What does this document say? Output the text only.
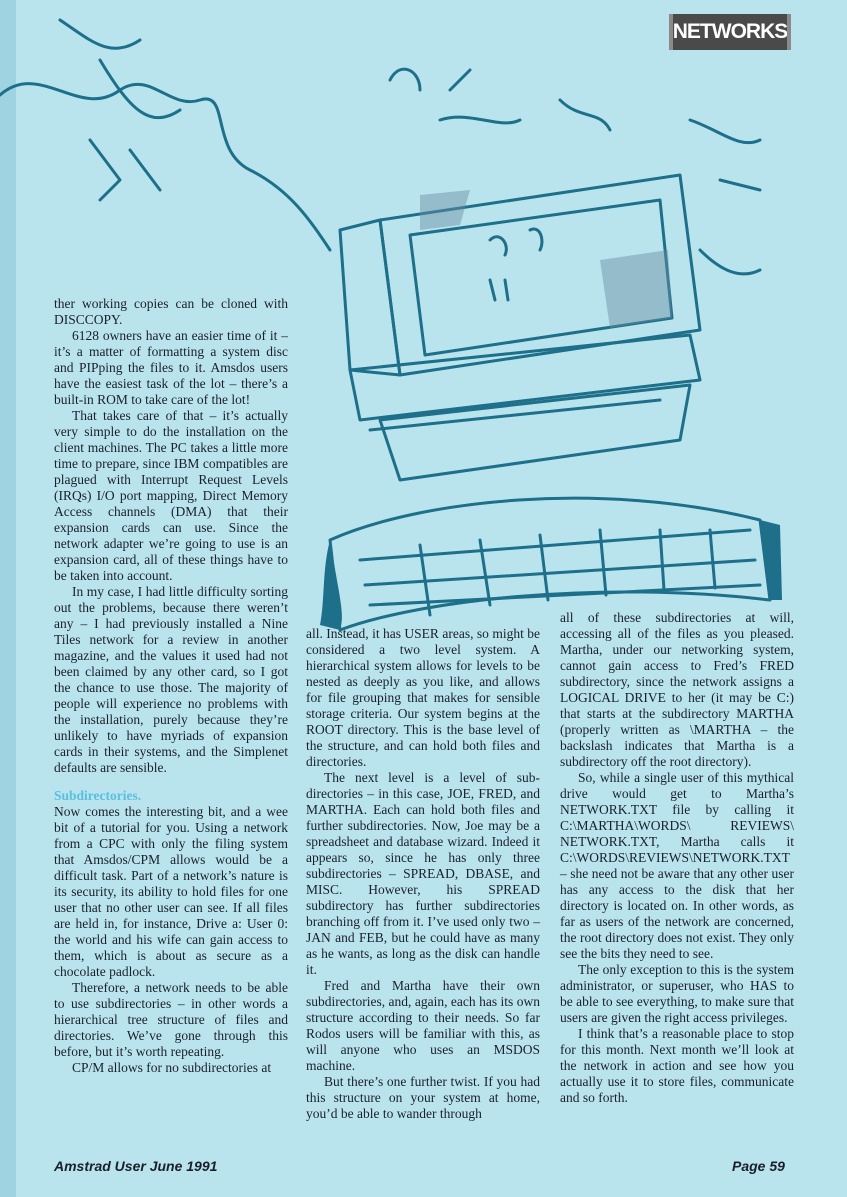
NETWORKS

ther working copies can be cloned with DISCCOPY.

6128 owners have an easier time of it – it’s a matter of formatting a system disc and PIPping the files to it. Amsdos users have the easiest task of the lot – there’s a built-in ROM to take care of the lot!

That takes care of that – it’s actually very simple to do the installation on the client machines. The PC takes a little more time to prepare, since IBM compatibles are plagued with Interrupt Request Levels (IRQs) I/O port mapping, Direct Memory Access channels (DMA) that their expansion cards can use. Since the network adapter we’re going to use is an expansion card, all of these things have to be taken into account.

In my case, I had little difficulty sorting out the problems, because there weren’t any – I had previously installed a Nine Tiles network for a review in another magazine, and the values it used had not been claimed by any other card, so I got the chance to use those. The majority of people will experience no problems with the installation, purely because they’re unlikely to have myriads of expansion cards in their systems, and the Simplenet defaults are sensible.

Subdirectories.

Now comes the interesting bit, and a wee bit of a tutorial for you. Using a network from a CPC with only the filing system that Amsdos/CPM allows would be a difficult task. Part of a network’s nature is its security, its ability to hold files for one user that no other user can see. If all files are held in, for instance, Drive a: User 0: the world and his wife can gain access to them, which is about as secure as a chocolate padlock.

Therefore, a network needs to be able to use subdirectories – in other words a hierarchical tree structure of files and directories. We’ve gone through this before, but it’s worth repeating.

CP/M allows for no subdirectories at

all. Instead, it has USER areas, so might be considered a two level system. A hierarchical system allows for levels to be nested as deeply as you like, and allows for file grouping that makes for sensible storage criteria. Our system begins at the ROOT directory. This is the base level of the structure, and can hold both files and directories.

The next level is a level of sub-directories – in this case, JOE, FRED, and MARTHA. Each can hold both files and further subdirectories. Now, Joe may be a spreadsheet and database wizard. Indeed it appears so, since he has only three subdirectories – SPREAD, DBASE, and MISC. However, his SPREAD subdirectory has further subdirectories branching off from it. I’ve used only two – JAN and FEB, but he could have as many as he wants, as long as the disk can handle it.

Fred and Martha have their own subdirectories, and, again, each has its own structure according to their needs. So far Rodos users will be familiar with this, as will anyone who uses an MSDOS machine.

But there’s one further twist. If you had this structure on your system at home, you’d be able to wander through

all of these subdirectories at will, accessing all of the files as you pleased. Martha, under our networking system, cannot gain access to Fred’s FRED subdirectory, since the network assigns a LOGICAL DRIVE to her (it may be C:) that starts at the subdirectory MARTHA (properly written as \MARTHA – the backslash indicates that Martha is a subdirectory off the root directory).

So, while a single user of this mythical drive would get to Martha’s NETWORK.TXT file by calling it C:\MARTHA\WORDS\ REVIEWS\ NETWORK.TXT, Martha calls it C:\WORDS\REVIEWS\NETWORK.TXT – she need not be aware that any other user has any access to the disk that her directory is located on. In other words, as far as users of the network are concerned, the root directory does not exist. They only see the bits they need to see.

The only exception to this is the system administrator, or superuser, who HAS to be able to see everything, to make sure that users are given the right access privileges.

I think that’s a reasonable place to stop for this month. Next month we’ll look at the network in action and see how you actually use it to store files, communicate and so forth.

Amstrad User June 1991	Page 59
